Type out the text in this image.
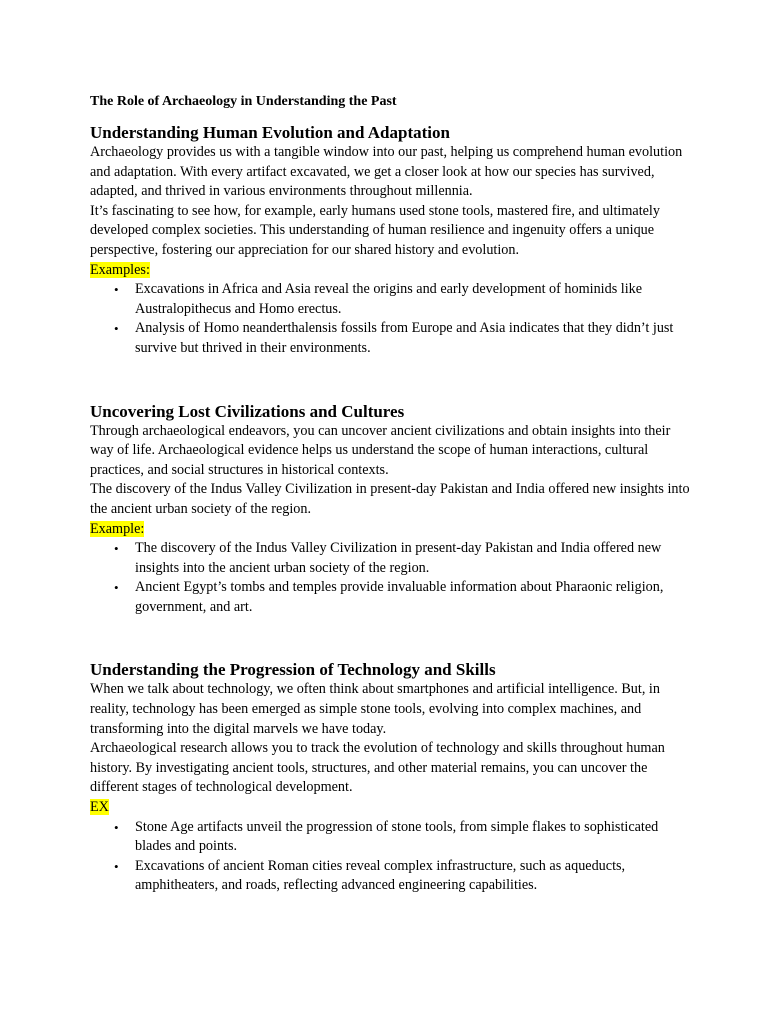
The Role of Archaeology in Understanding the Past
Understanding Human Evolution and Adaptation

Archaeology provides us with a tangible window into our past, helping us comprehend human evolution and adaptation. With every artifact excavated, we get a closer look at how our species has survived, adapted, and thrived in various environments throughout millennia.

It’s fascinating to see how, for example, early humans used stone tools, mastered fire, and ultimately developed complex societies. This understanding of human resilience and ingenuity offers a unique perspective, fostering our appreciation for our shared history and evolution.

Examples:

• Excavations in Africa and Asia reveal the origins and early development of hominids like Australopithecus and Homo erectus.
• Analysis of Homo neanderthalensis fossils from Europe and Asia indicates that they didn’t just survive but thrived in their environments.
Uncovering Lost Civilizations and Cultures

Through archaeological endeavors, you can uncover ancient civilizations and obtain insights into their way of life. Archaeological evidence helps us understand the scope of human interactions, cultural practices, and social structures in historical contexts.

The discovery of the Indus Valley Civilization in present-day Pakistan and India offered new insights into the ancient urban society of the region.

Example:

• The discovery of the Indus Valley Civilization in present-day Pakistan and India offered new insights into the ancient urban society of the region.
• Ancient Egypt’s tombs and temples provide invaluable information about Pharaonic religion, government, and art.
Understanding the Progression of Technology and Skills

When we talk about technology, we often think about smartphones and artificial intelligence. But, in reality, technology has been emerged as simple stone tools, evolving into complex machines, and transforming into the digital marvels we have today.

Archaeological research allows you to track the evolution of technology and skills throughout human history. By investigating ancient tools, structures, and other material remains, you can uncover the different stages of technological development.

EX

• Stone Age artifacts unveil the progression of stone tools, from simple flakes to sophisticated blades and points.
• Excavations of ancient Roman cities reveal complex infrastructure, such as aqueducts, amphitheaters, and roads, reflecting advanced engineering capabilities.
